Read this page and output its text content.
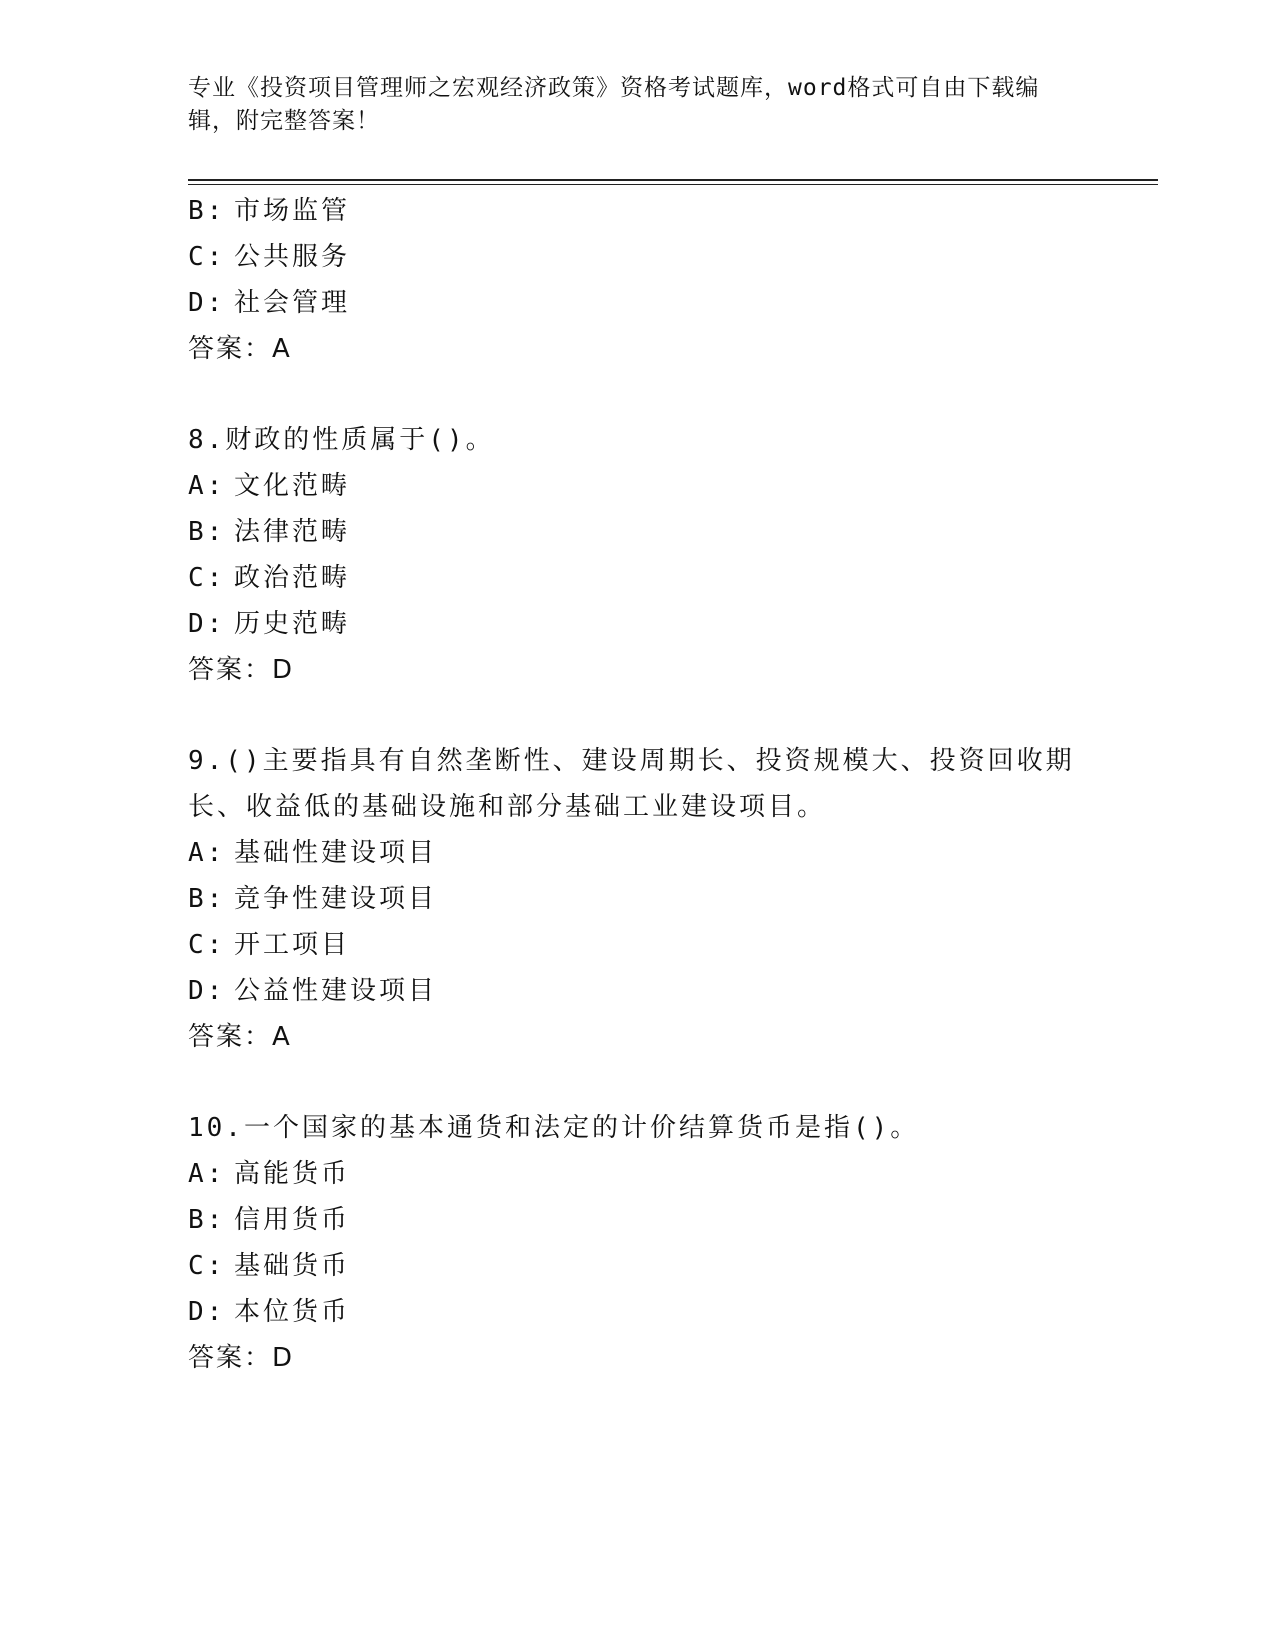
专业《投资项目管理师之宏观经济政策》资格考试题库，word格式可自由下载编辑，附完整答案！
B: 市场监管
C: 公共服务
D: 社会管理
答案：A
8.财政的性质属于()。
A: 文化范畴
B: 法律范畴
C: 政治范畴
D: 历史范畴
答案：D
9.()主要指具有自然垄断性、建设周期长、投资规模大、投资回收期
长、收益低的基础设施和部分基础工业建设项目。
A: 基础性建设项目
B: 竞争性建设项目
C: 开工项目
D: 公益性建设项目
答案：A
10.一个国家的基本通货和法定的计价结算货币是指()。
A: 高能货币
B: 信用货币
C: 基础货币
D: 本位货币
答案：D
